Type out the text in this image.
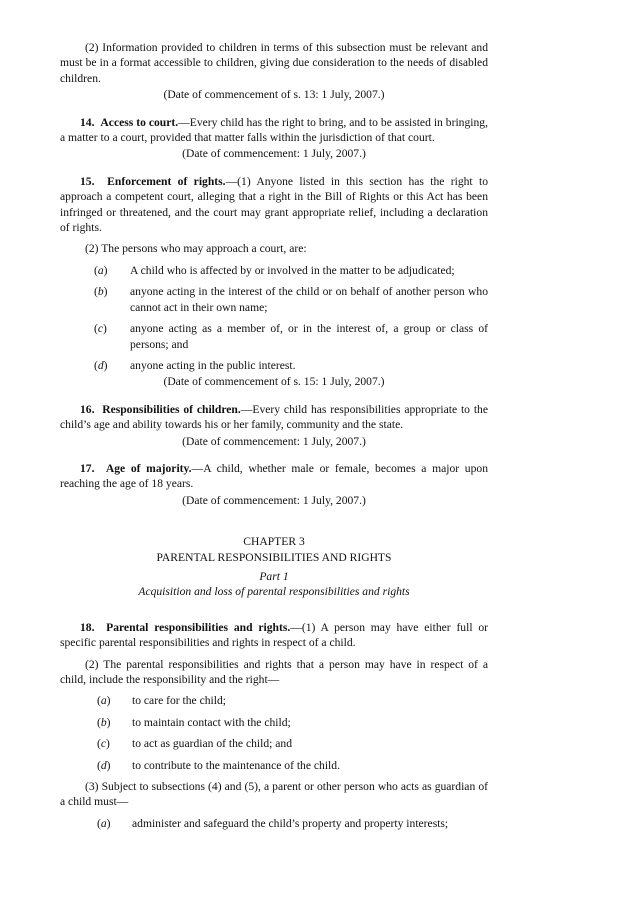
(2) Information provided to children in terms of this subsection must be relevant and must be in a format accessible to children, giving due consideration to the needs of disabled children.

(Date of commencement of s. 13: 1 July, 2007.)

14. Access to court.—Every child has the right to bring, and to be assisted in bringing, a matter to a court, provided that matter falls within the jurisdiction of that court.

(Date of commencement: 1 July, 2007.)

15. Enforcement of rights.—(1) Anyone listed in this section has the right to approach a competent court, alleging that a right in the Bill of Rights or this Act has been infringed or threatened, and the court may grant appropriate relief, including a declaration of rights.

(2) The persons who may approach a court, are:

(a)	A child who is affected by or involved in the matter to be adjudicated;
(b)	anyone acting in the interest of the child or on behalf of another person who cannot act in their own name;
(c)	anyone acting as a member of, or in the interest of, a group or class of persons; and
(d)	anyone acting in the public interest.

(Date of commencement of s. 15: 1 July, 2007.)

16. Responsibilities of children.—Every child has responsibilities appropriate to the child’s age and ability towards his or her family, community and the state.

(Date of commencement: 1 July, 2007.)

17. Age of majority.—A child, whether male or female, becomes a major upon reaching the age of 18 years.

(Date of commencement: 1 July, 2007.)

CHAPTER 3

PARENTAL RESPONSIBILITIES AND RIGHTS

Part 1

Acquisition and loss of parental responsibilities and rights

18. Parental responsibilities and rights.—(1) A person may have either full or specific parental responsibilities and rights in respect of a child.

(2) The parental responsibilities and rights that a person may have in respect of a child, include the responsibility and the right—

(a)	to care for the child;
(b)	to maintain contact with the child;
(c)	to act as guardian of the child; and
(d)	to contribute to the maintenance of the child.

(3) Subject to subsections (4) and (5), a parent or other person who acts as guardian of a child must—

(a)	administer and safeguard the child’s property and property interests;
